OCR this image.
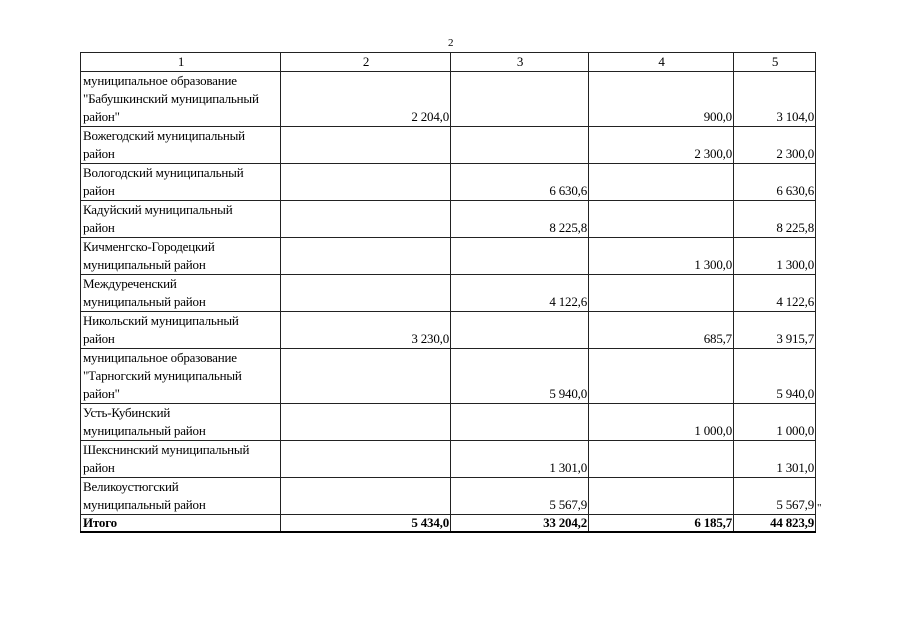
2
1	2	3	4	5

муниципальное образование
"Бабушкинский муниципальный
район"	2 204,0		900,0	3 104,0

Вожегодский муниципальный
район			2 300,0	2 300,0

Вологодский муниципальный
район		6 630,6		6 630,6

Кадуйский муниципальный
район		8 225,8		8 225,8

Кичменгско-Городецкий
муниципальный район			1 300,0	1 300,0

Междуреченский
муниципальный район		4 122,6		4 122,6

Никольский муниципальный
район	3 230,0		685,7	3 915,7

муниципальное образование
"Тарногский муниципальный
район"		5 940,0		5 940,0

Усть-Кубинский
муниципальный район			1 000,0	1 000,0

Шекснинский муниципальный
район		1 301,0		1 301,0

Великоустюгский
муниципальный район		5 567,9		5 567,9
Итого	5 434,0	33 204,2	6 185,7	44 823,9
"
